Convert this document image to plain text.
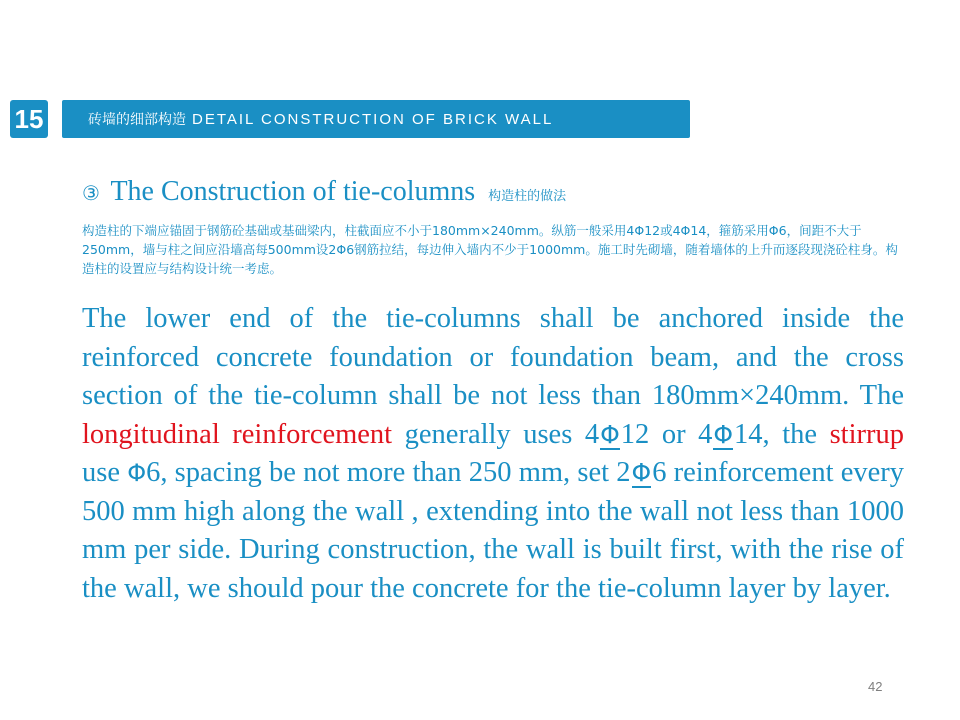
15	砖墙的细部构造 DETAIL CONSTRUCTION OF BRICK WALL
③ The Construction of tie-columns 构造柱的做法
构造柱的下端应锚固于钢筋砼基础或基础梁内，柱截面应不小于180mm×240mm。纵筋一般采用4Φ12或4Φ14，箍筋采用Φ6，间距不大于250mm，墙与柱之间应沿墙高每500mm设2Φ6钢筋拉结，每边伸入墙内不少于1000mm。施工时先砌墙，随着墙体的上升而逐段现浇砼柱身。构造柱的设置应与结构设计统一考虑。
The lower end of the tie-columns shall be anchored inside the reinforced concrete foundation or foundation beam, and the cross section of the tie-column shall be not less than 180mm×240mm. The longitudinal reinforcement generally uses 4Φ12 or 4Φ14, the stirrup use Φ6, spacing be not more than 250 mm, set 2Φ6 reinforcement every 500 mm high along the wall , extending into the wall not less than 1000 mm per side. During construction, the wall is built first, with the rise of the wall, we should pour the concrete for the tie-column layer by layer.
42
